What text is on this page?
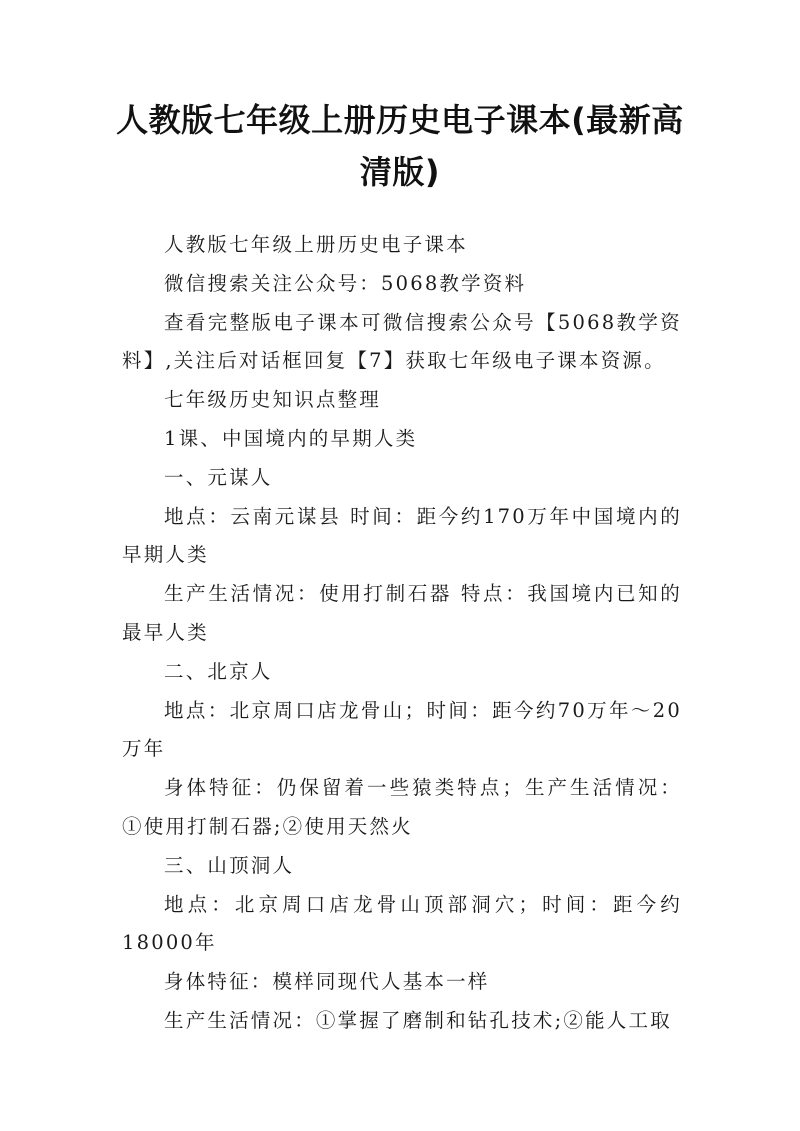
人教版七年级上册历史电子课本(最新高清版)

人教版七年级上册历史电子课本

微信搜索关注公众号：5068教学资料

查看完整版电子课本可微信搜索公众号【5068教学资料】,关注后对话框回复【7】获取七年级电子课本资源。

七年级历史知识点整理

1课、中国境内的早期人类

一、元谋人

地点：云南元谋县 时间：距今约170万年中国境内的早期人类

生产生活情况：使用打制石器 特点：我国境内已知的最早人类

二、北京人

地点：北京周口店龙骨山；时间：距今约70万年～20万年

身体特征：仍保留着一些猿类特点；生产生活情况：①使用打制石器;②使用天然火

三、山顶洞人

地点：北京周口店龙骨山顶部洞穴；时间：距今约18000年

身体特征：模样同现代人基本一样

生产生活情况：①掌握了磨制和钻孔技术;②能人工取
